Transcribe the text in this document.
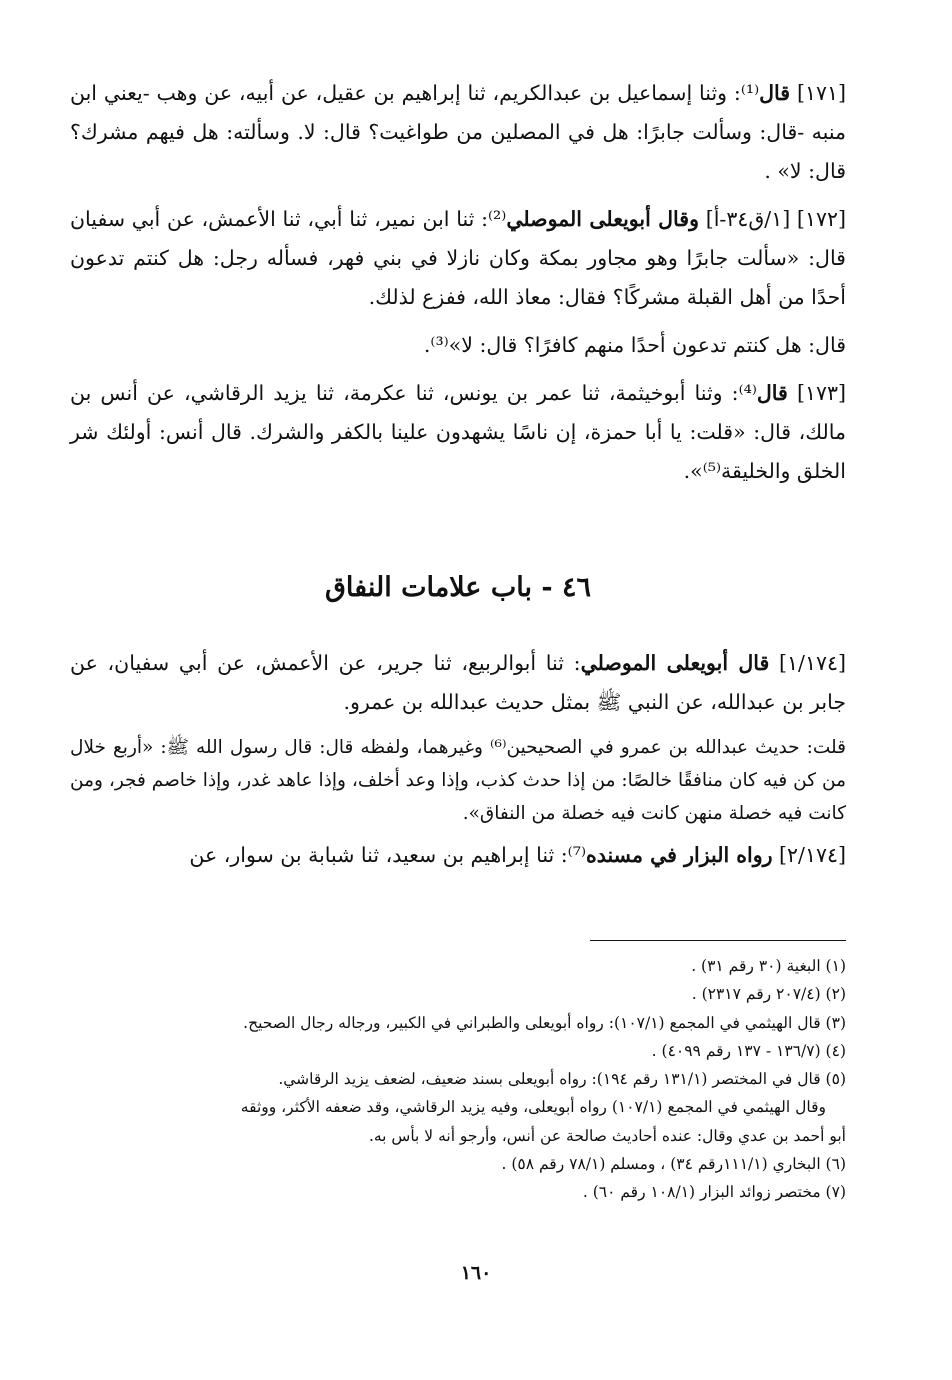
[١٧١] قال⁽¹⁾: وثنا إسماعيل بن عبدالكريم، ثنا إبراهيم بن عقيل، عن أبيه، عن وهب -يعني ابن منبه -قال: وسألت جابرًا: هل في المصلين من طواغيت؟ قال: لا. وسألته: هل فيهم مشرك؟ قال: لا» .

[١٧٢] [١/ق٣٤-أ] وقال أبويعلى الموصلي⁽²⁾: ثنا ابن نمير، ثنا أبي، ثنا الأعمش، عن أبي سفيان قال: «سألت جابرًا وهو مجاور بمكة وكان نازلا في بني فهر، فسأله رجل: هل كنتم تدعون أحدًا من أهل القبلة مشركًا؟ فقال: معاذ الله، ففزع لذلك.

قال: هل كنتم تدعون أحدًا منهم كافرًا؟ قال: لا»⁽³⁾.

[١٧٣] قال⁽⁴⁾: وثنا أبوخيثمة، ثنا عمر بن يونس، ثنا عكرمة، ثنا يزيد الرقاشي، عن أنس بن مالك، قال: «قلت: يا أبا حمزة، إن ناسًا يشهدون علينا بالكفر والشرك. قال أنس: أولئك شر الخلق والخليقة⁽⁵⁾».

٤٦ - باب علامات النفاق

[١/١٧٤] قال أبويعلى الموصلي: ثنا أبوالربيع، ثنا جرير، عن الأعمش، عن أبي سفيان، عن جابر بن عبدالله، عن النبي ﷺ بمثل حديث عبدالله بن عمرو.

قلت: حديث عبدالله بن عمرو في الصحيحين⁽⁶⁾ وغيرهما، ولفظه قال: قال رسول الله ﷺ: «أربع خلال من كن فيه كان منافقًا خالصًا: من إذا حدث كذب، وإذا وعد أخلف، وإذا عاهد غدر، وإذا خاصم فجر، ومن كانت فيه خصلة منهن كانت فيه خصلة من النفاق».

[٢/١٧٤] رواه البزار في مسنده⁽⁷⁾: ثنا إبراهيم بن سعيد، ثنا شبابة بن سوار، عن

(١) البغية (٣٠ رقم ٣١) .

(٢) (٢٠٧/٤ رقم ٢٣١٧) .

(٣) قال الهيثمي في المجمع (١٠٧/١): رواه أبويعلى والطبراني في الكبير، ورجاله رجال الصحيح.

(٤) (١٣٦/٧ - ١٣٧ رقم ٤٠٩٩) .

(٥) قال في المختصر (١٣١/١ رقم ١٩٤): رواه أبويعلى بسند ضعيف، لضعف يزيد الرقاشي.

وقال الهيثمي في المجمع (١٠٧/١) رواه أبويعلى، وفيه يزيد الرقاشي، وقد ضعفه الأكثر، ووثقه

أبو أحمد بن عدي وقال: عنده أحاديث صالحة عن أنس، وأرجو أنه لا بأس به.

(٦) البخاري (١١١/١رقم ٣٤) ، ومسلم (٧٨/١ رقم ٥٨) .

(٧) مختصر زوائد البزار (١٠٨/١ رقم ٦٠) .

١٦٠
